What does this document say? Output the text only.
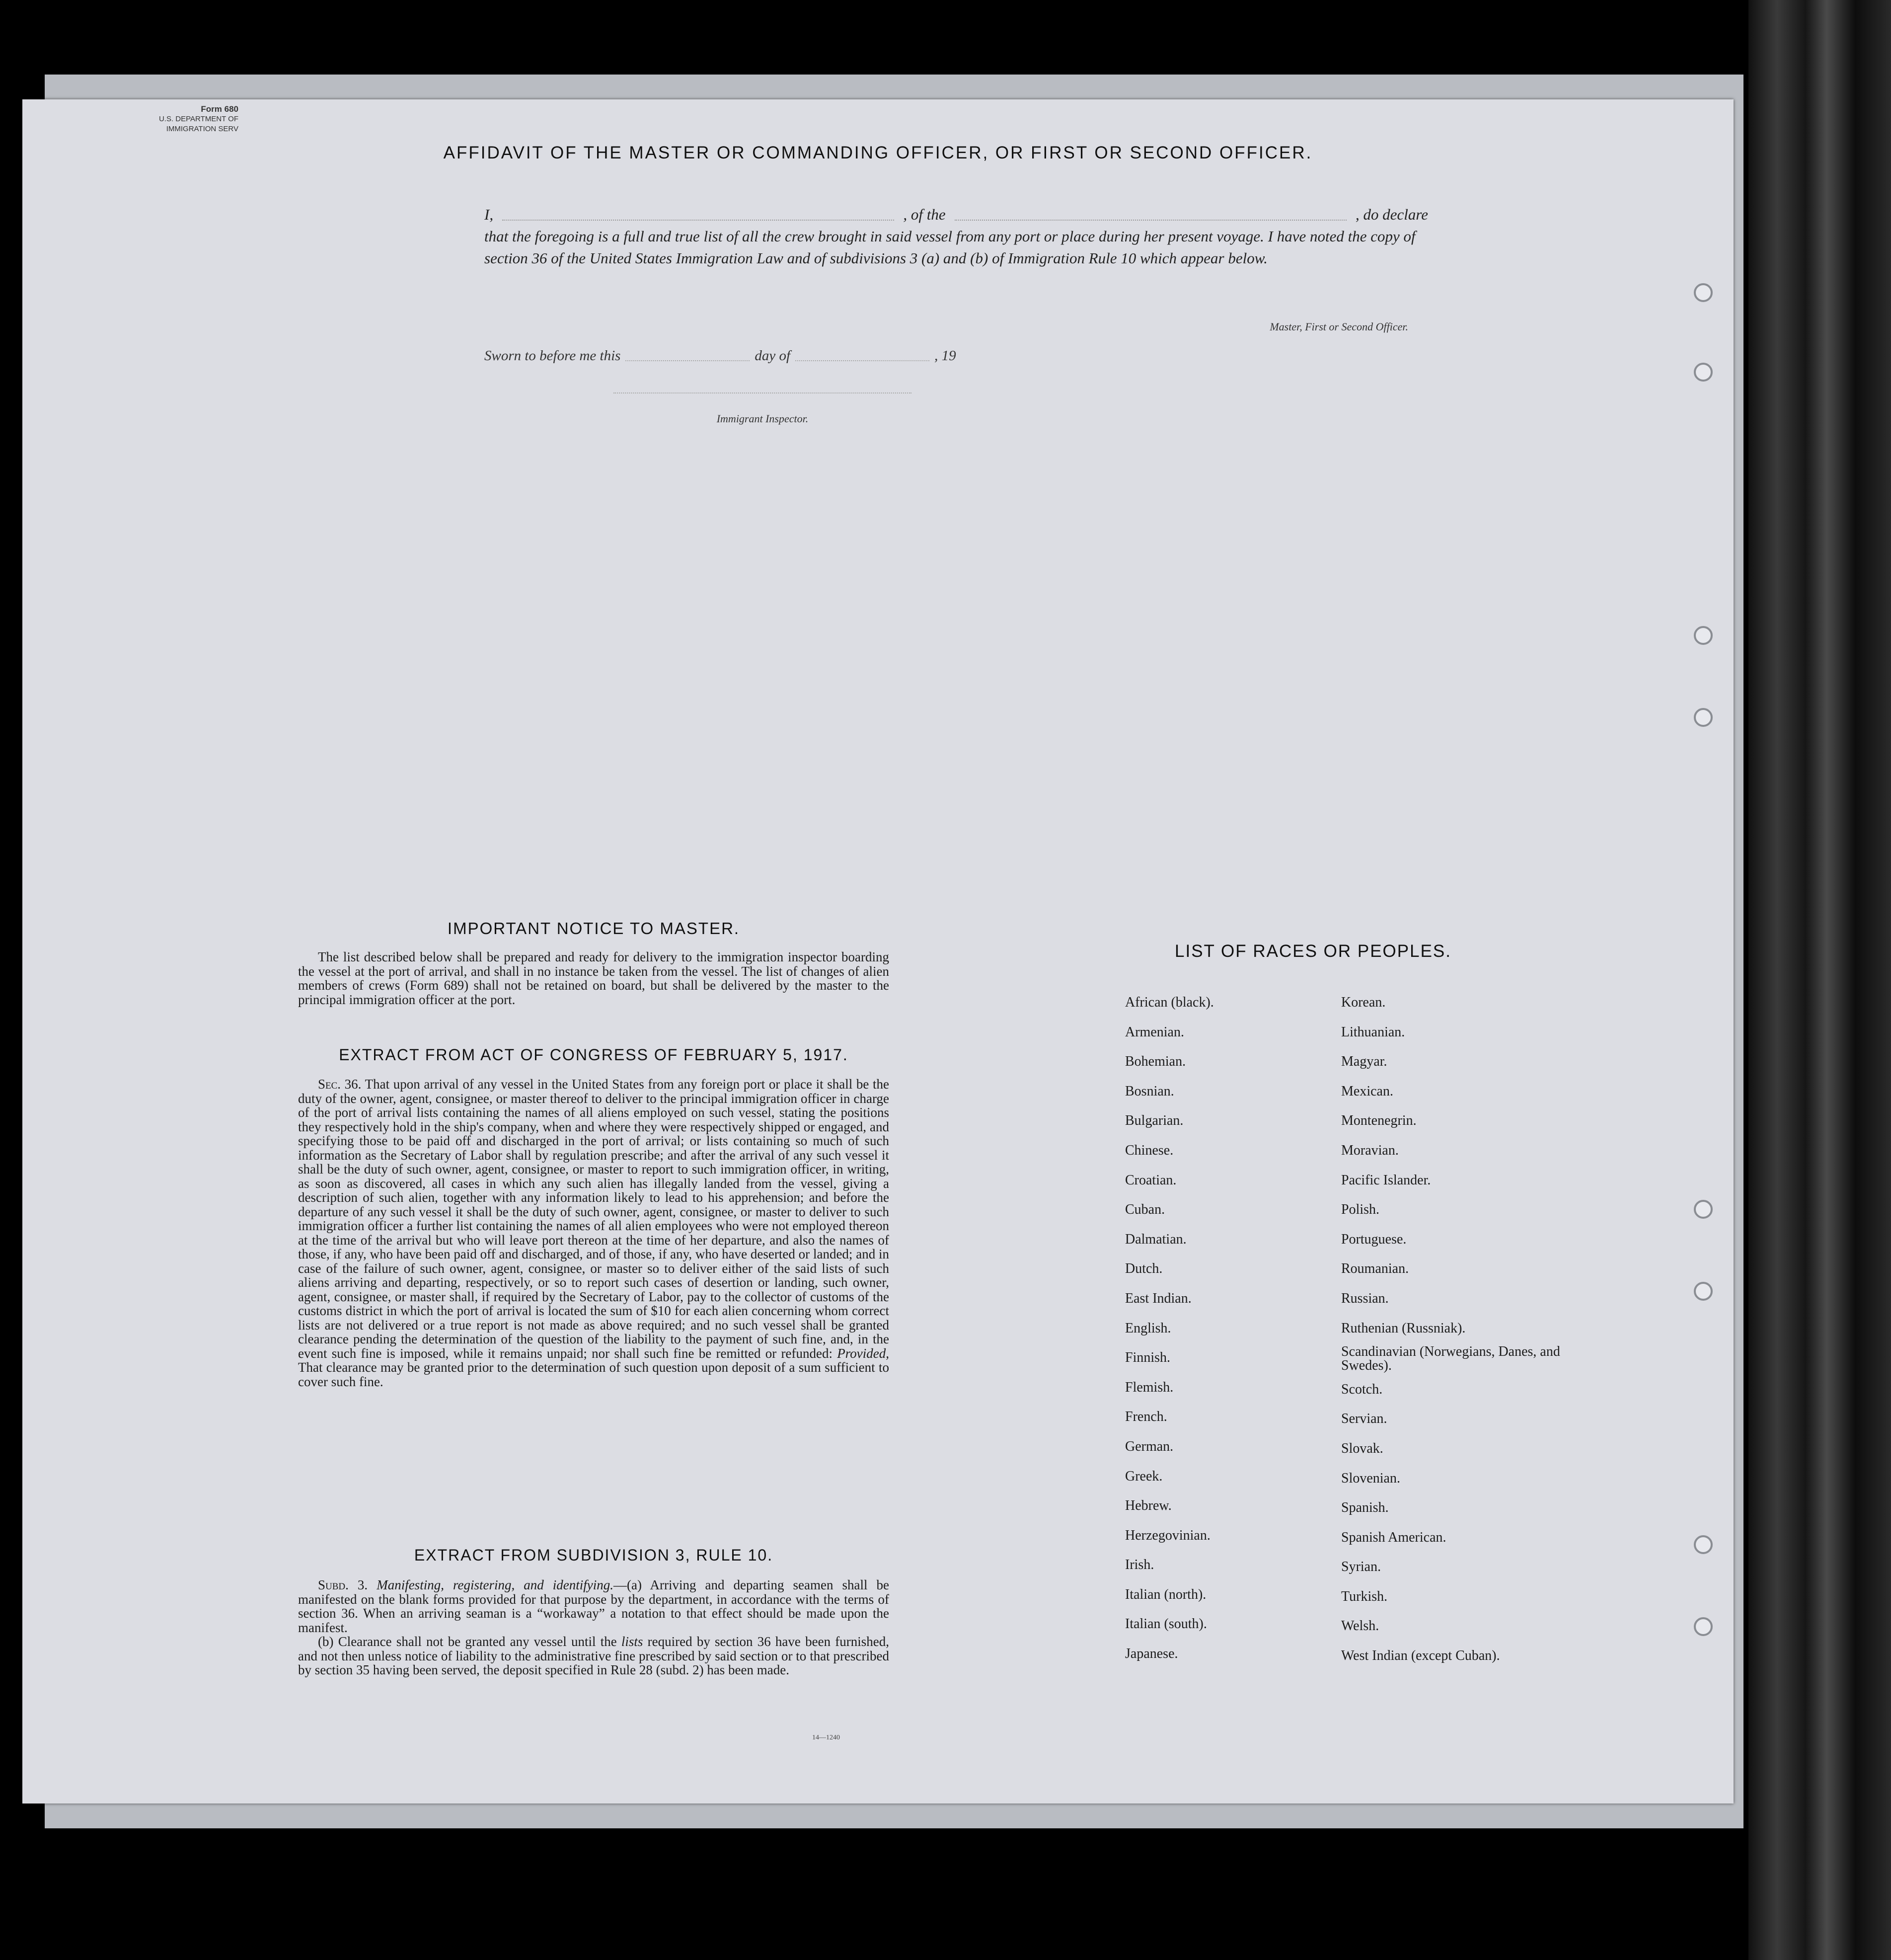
Form 680
U.S. DEPARTMENT OF
IMMIGRATION SERV
AFFIDAVIT OF THE MASTER OR COMMANDING OFFICER, OR FIRST OR SECOND OFFICER.
I,	, of the	, do declare
that the foregoing is a full and true list of all the crew brought in said vessel from any port or place during her present voyage. I have noted the copy of section 36 of the United States Immigration Law and of subdivisions 3 (a) and (b) of Immigration Rule 10 which appear below.
Master, First or Second Officer.
Sworn to before me this	day of	, 19
Immigrant Inspector.
IMPORTANT NOTICE TO MASTER.

The list described below shall be prepared and ready for delivery to the immigration inspector boarding the vessel at the port of arrival, and shall in no instance be taken from the vessel. The list of changes of alien members of crews (Form 689) shall not be retained on board, but shall be delivered by the master to the principal immigration officer at the port.

EXTRACT FROM ACT OF CONGRESS OF FEBRUARY 5, 1917.

Sec. 36. That upon arrival of any vessel in the United States from any foreign port or place it shall be the duty of the owner, agent, consignee, or master thereof to deliver to the principal immigration officer in charge of the port of arrival lists containing the names of all aliens employed on such vessel, stating the positions they respectively hold in the ship's company, when and where they were respectively shipped or engaged, and specifying those to be paid off and discharged in the port of arrival; or lists containing so much of such information as the Secretary of Labor shall by regulation prescribe; and after the arrival of any such vessel it shall be the duty of such owner, agent, consignee, or master to report to such immigration officer, in writing, as soon as discovered, all cases in which any such alien has illegally landed from the vessel, giving a description of such alien, together with any information likely to lead to his apprehension; and before the departure of any such vessel it shall be the duty of such owner, agent, consignee, or master to deliver to such immigration officer a further list containing the names of all alien employees who were not employed thereon at the time of the arrival but who will leave port thereon at the time of her departure, and also the names of those, if any, who have been paid off and discharged, and of those, if any, who have deserted or landed; and in case of the failure of such owner, agent, consignee, or master so to deliver either of the said lists of such aliens arriving and departing, respectively, or so to report such cases of desertion or landing, such owner, agent, consignee, or master shall, if required by the Secretary of Labor, pay to the collector of customs of the customs district in which the port of arrival is located the sum of $10 for each alien concerning whom correct lists are not delivered or a true report is not made as above required; and no such vessel shall be granted clearance pending the determination of the question of the liability to the payment of such fine, and, in the event such fine is imposed, while it remains unpaid; nor shall such fine be remitted or refunded: Provided, That clearance may be granted prior to the determination of such question upon deposit of a sum sufficient to cover such fine.

EXTRACT FROM SUBDIVISION 3, RULE 10.

Subd. 3. Manifesting, registering, and identifying.—(a) Arriving and departing seamen shall be manifested on the blank forms provided for that purpose by the department, in accordance with the terms of section 36. When an arriving seaman is a “workaway” a notation to that effect should be made upon the manifest.

(b) Clearance shall not be granted any vessel until the lists required by section 36 have been furnished, and not then unless notice of liability to the administrative fine prescribed by said section or to that prescribed by section 35 having been served, the deposit specified in Rule 28 (subd. 2) has been made.

14—1240
LIST OF RACES OR PEOPLES.
African (black).
Armenian.
Bohemian.
Bosnian.
Bulgarian.
Chinese.
Croatian.
Cuban.
Dalmatian.
Dutch.
East Indian.
English.
Finnish.
Flemish.
French.
German.
Greek.
Hebrew.
Herzegovinian.
Irish.
Italian (north).
Italian (south).
Japanese.
Korean.
Lithuanian.
Magyar.
Mexican.
Montenegrin.
Moravian.
Pacific Islander.
Polish.
Portuguese.
Roumanian.
Russian.
Ruthenian (Russniak).
Scandinavian (Norwegians, Danes, and Swedes).
Scotch.
Servian.
Slovak.
Slovenian.
Spanish.
Spanish American.
Syrian.
Turkish.
Welsh.
West Indian (except Cuban).
